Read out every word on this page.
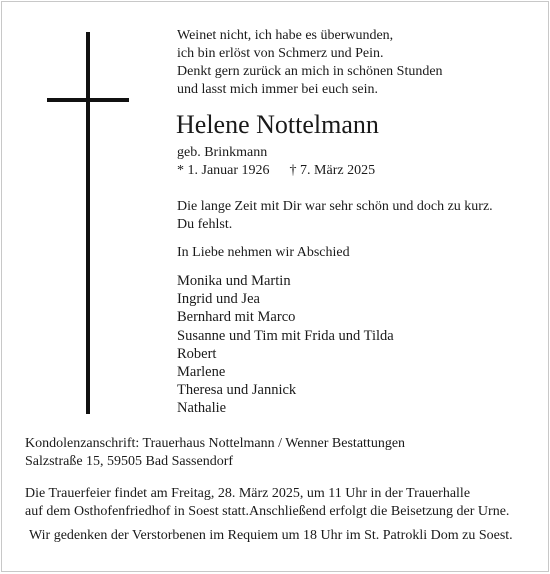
Weinet nicht, ich habe es überwunden,
ich bin erlöst von Schmerz und Pein.
Denkt gern zurück an mich in schönen Stunden
und lasst mich immer bei euch sein.
Helene Nottelmann
geb. Brinkmann
* 1. Januar 1926 † 7. März 2025
Die lange Zeit mit Dir war sehr schön und doch zu kurz.
Du fehlst.
In Liebe nehmen wir Abschied
Monika und Martin
Ingrid und Jea
Bernhard mit Marco
Susanne und Tim mit Frida und Tilda
Robert
Marlene
Theresa und Jannick
Nathalie
Kondolenzanschrift: Trauerhaus Nottelmann / Wenner Bestattungen
Salzstraße 15, 59505 Bad Sassendorf
Die Trauerfeier findet am Freitag, 28. März 2025, um 11 Uhr in der Trauerhalle
auf dem Osthofenfriedhof in Soest statt.Anschließend erfolgt die Beisetzung der Urne.
Wir gedenken der Verstorbenen im Requiem um 18 Uhr im St. Patrokli Dom zu Soest.
